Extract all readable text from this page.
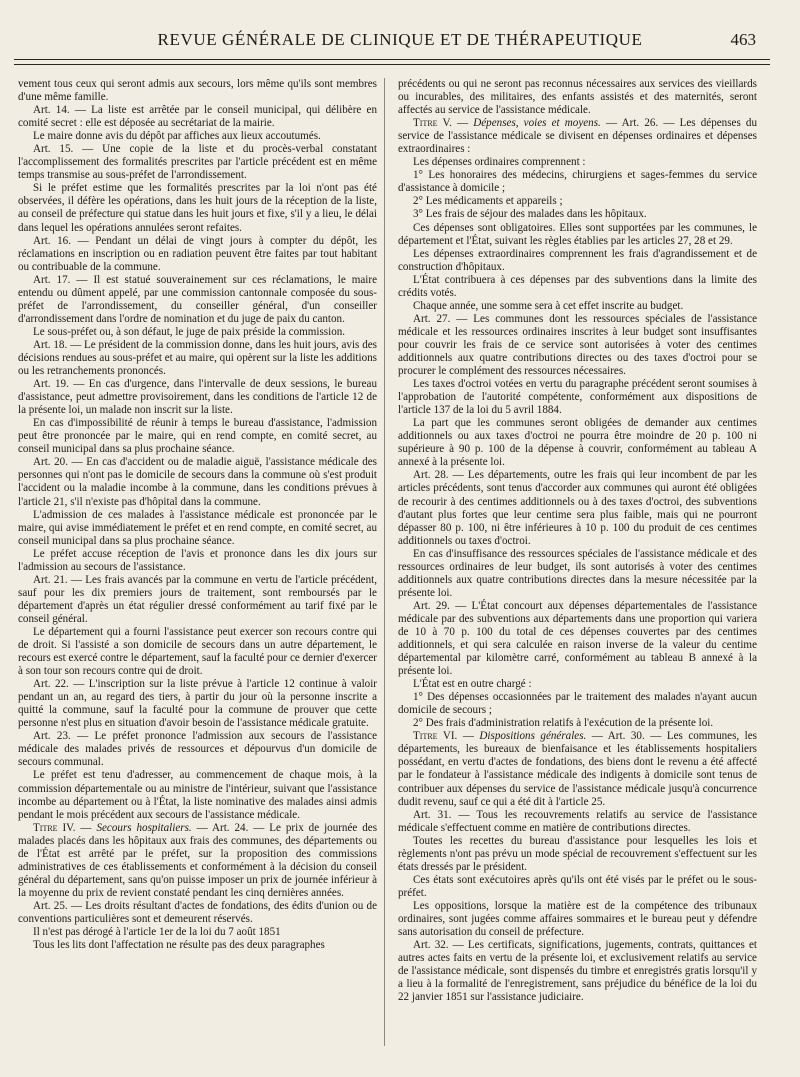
REVUE GÉNÉRALE DE CLINIQUE ET DE THÉRAPEUTIQUE	463

vement tous ceux qui seront admis aux secours, lors même qu'ils sont membres d'une même famille.

Art. 14. — La liste est arrêtée par le conseil municipal, qui délibère en comité secret : elle est déposée au secrétariat de la mairie.

Le maire donne avis du dépôt par affiches aux lieux accoutumés.

Art. 15. — Une copie de la liste et du procès-verbal constatant l'accomplissement des formalités prescrites par l'article précédent est en même temps transmise au sous-préfet de l'arrondissement.

Si le préfet estime que les formalités prescrites par la loi n'ont pas été observées, il défère les opérations, dans les huit jours de la réception de la liste, au conseil de préfecture qui statue dans les huit jours et fixe, s'il y a lieu, le délai dans lequel les opérations annulées seront refaites.

Art. 16. — Pendant un délai de vingt jours à compter du dépôt, les réclamations en inscription ou en radiation peuvent être faites par tout habitant ou contribuable de la commune.

Art. 17. — Il est statué souverainement sur ces réclamations, le maire entendu ou dûment appelé, par une commission cantonnale composée du sous-préfet de l'arrondissement, du conseiller général, d'un conseiller d'arrondissement dans l'ordre de nomination et du juge de paix du canton.

Le sous-préfet ou, à son défaut, le juge de paix préside la commission.

Art. 18. — Le président de la commission donne, dans les huit jours, avis des décisions rendues au sous-préfet et au maire, qui opèrent sur la liste les additions ou les retranchements prononcés.

Art. 19. — En cas d'urgence, dans l'intervalle de deux sessions, le bureau d'assistance, peut admettre provisoirement, dans les conditions de l'article 12 de la présente loi, un malade non inscrit sur la liste.

En cas d'impossibilité de réunir à temps le bureau d'assistance, l'admission peut être prononcée par le maire, qui en rend compte, en comité secret, au conseil municipal dans sa plus prochaine séance.

Art. 20. — En cas d'accident ou de maladie aiguë, l'assistance médicale des personnes qui n'ont pas le domicile de secours dans la commune où s'est produit l'accident ou la maladie incombe à la commune, dans les conditions prévues à l'article 21, s'il n'existe pas d'hôpital dans la commune.

L'admission de ces malades à l'assistance médicale est prononcée par le maire, qui avise immédiatement le préfet et en rend compte, en comité secret, au conseil municipal dans sa plus prochaine séance.

Le préfet accuse réception de l'avis et prononce dans les dix jours sur l'admission au secours de l'assistance.

Art. 21. — Les frais avancés par la commune en vertu de l'article précédent, sauf pour les dix premiers jours de traitement, sont remboursés par le département d'après un état régulier dressé conformément au tarif fixé par le conseil général.

Le département qui a fourni l'assistance peut exercer son recours contre qui de droit. Si l'assisté a son domicile de secours dans un autre département, le recours est exercé contre le département, sauf la faculté pour ce dernier d'exercer à son tour son recours contre qui de droit.

Art. 22. — L'inscription sur la liste prévue à l'article 12 continue à valoir pendant un an, au regard des tiers, à partir du jour où la personne inscrite a quitté la commune, sauf la faculté pour la commune de prouver que cette personne n'est plus en situation d'avoir besoin de l'assistance médicale gratuite.

Art. 23. — Le préfet prononce l'admission aux secours de l'assistance médicale des malades privés de ressources et dépourvus d'un domicile de secours communal.

Le préfet est tenu d'adresser, au commencement de chaque mois, à la commission départementale ou au ministre de l'intérieur, suivant que l'assistance incombe au département ou à l'État, la liste nominative des malades ainsi admis pendant le mois précédent aux secours de l'assistance médicale.

Titre IV. — Secours hospitaliers. — Art. 24. — Le prix de journée des malades placés dans les hôpitaux aux frais des communes, des départements ou de l'État est arrêté par le préfet, sur la proposition des commissions administratives de ces établissements et conformément à la décision du conseil général du département, sans qu'on puisse imposer un prix de journée inférieur à la moyenne du prix de revient constaté pendant les cinq dernières années.

Art. 25. — Les droits résultant d'actes de fondations, des édits d'union ou de conventions particulières sont et demeurent réservés.

Il n'est pas dérogé à l'article 1er de la loi du 7 août 1851

Tous les lits dont l'affectation ne résulte pas des deux paragraphes

précédents ou qui ne seront pas reconnus nécessaires aux services des vieillards ou incurables, des militaires, des enfants assistés et des maternités, seront affectés au service de l'assistance médicale.

Titre V. — Dépenses, voies et moyens. — Art. 26. — Les dépenses du service de l'assistance médicale se divisent en dépenses ordinaires et dépenses extraordinaires :

Les dépenses ordinaires comprennent :

1° Les honoraires des médecins, chirurgiens et sages-femmes du service d'assistance à domicile ;

2° Les médicaments et appareils ;

3° Les frais de séjour des malades dans les hôpitaux.

Ces dépenses sont obligatoires. Elles sont supportées par les communes, le département et l'État, suivant les règles établies par les articles 27, 28 et 29.

Les dépenses extraordinaires comprennent les frais d'agrandissement et de construction d'hôpitaux.

L'État contribuera à ces dépenses par des subventions dans la limite des crédits votés.

Chaque année, une somme sera à cet effet inscrite au budget.

Art. 27. — Les communes dont les ressources spéciales de l'assistance médicale et les ressources ordinaires inscrites à leur budget sont insuffisantes pour couvrir les frais de ce service sont autorisées à voter des centimes additionnels aux quatre contributions directes ou des taxes d'octroi pour se procurer le complément des ressources nécessaires.

Les taxes d'octroi votées en vertu du paragraphe précédent seront soumises à l'approbation de l'autorité compétente, conformément aux dispositions de l'article 137 de la loi du 5 avril 1884.

La part que les communes seront obligées de demander aux centimes additionnels ou aux taxes d'octroi ne pourra être moindre de 20 p. 100 ni supérieure à 90 p. 100 de la dépense à couvrir, conformément au tableau A annexé à la présente loi.

Art. 28. — Les départements, outre les frais qui leur incombent de par les articles précédents, sont tenus d'accorder aux communes qui auront été obligées de recourir à des centimes additionnels ou à des taxes d'octroi, des subventions d'autant plus fortes que leur centime sera plus faible, mais qui ne pourront dépasser 80 p. 100, ni être inférieures à 10 p. 100 du produit de ces centimes additionnels ou taxes d'octroi.

En cas d'insuffisance des ressources spéciales de l'assistance médicale et des ressources ordinaires de leur budget, ils sont autorisés à voter des centimes additionnels aux quatre contributions directes dans la mesure nécessitée par la présente loi.

Art. 29. — L'État concourt aux dépenses départementales de l'assistance médicale par des subventions aux départements dans une proportion qui variera de 10 à 70 p. 100 du total de ces dépenses couvertes par des centimes additionnels, et qui sera calculée en raison inverse de la valeur du centime départemental par kilomètre carré, conformément au tableau B annexé à la présente loi.

L'État est en outre chargé :

1° Des dépenses occasionnées par le traitement des malades n'ayant aucun domicile de secours ;

2° Des frais d'administration relatifs à l'exécution de la présente loi.

Titre VI. — Dispositions générales. — Art. 30. — Les communes, les départements, les bureaux de bienfaisance et les établissements hospitaliers possédant, en vertu d'actes de fondations, des biens dont le revenu a été affecté par le fondateur à l'assistance médicale des indigents à domicile sont tenus de contribuer aux dépenses du service de l'assistance médicale jusqu'à concurrence dudit revenu, sauf ce qui a été dit à l'article 25.

Art. 31. — Tous les recouvrements relatifs au service de l'assistance médicale s'effectuent comme en matière de contributions directes.

Toutes les recettes du bureau d'assistance pour lesquelles les lois et règlements n'ont pas prévu un mode spécial de recouvrement s'effectuent sur les états dressés par le président.

Ces états sont exécutoires après qu'ils ont été visés par le préfet ou le sous-préfet.

Les oppositions, lorsque la matière est de la compétence des tribunaux ordinaires, sont jugées comme affaires sommaires et le bureau peut y défendre sans autorisation du conseil de préfecture.

Art. 32. — Les certificats, significations, jugements, contrats, quittances et autres actes faits en vertu de la présente loi, et exclusivement relatifs au service de l'assistance médicale, sont dispensés du timbre et enregistrés gratis lorsqu'il y a lieu à la formalité de l'enregistrement, sans préjudice du bénéfice de la loi du 22 janvier 1851 sur l'assistance judiciaire.
